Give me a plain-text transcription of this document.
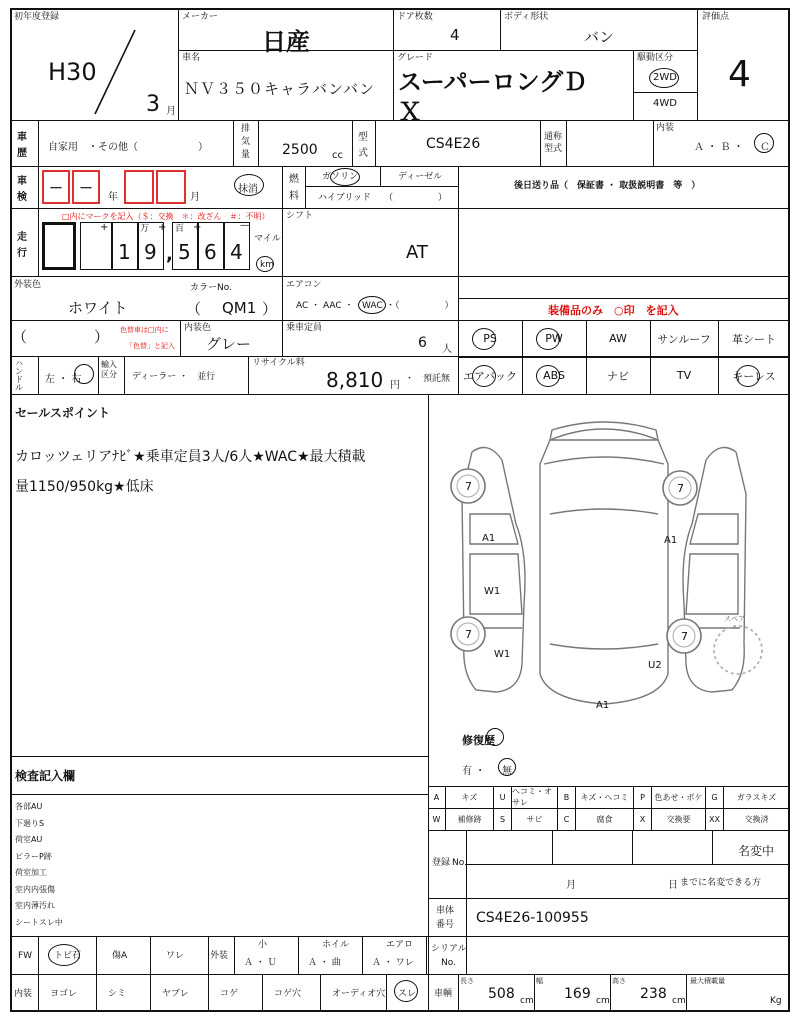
初年度登録
H30
3 月
メーカー
日産
ドア枚数
4
ボディ形状
バン
評価点
4
車名
ＮＶ３５０キャラバンバン
グレード
スーパーロングＤ
Ｘ
駆動区分
2WD
4WD
車
歴
自家用　・その他（　　　　　　）
排
気
量 2500 cc
型
式
CS4E26	通称
型式
内装
Ａ ・ Ｂ ・ Ｃ
車
検
－ －
年	月
抹消
燃
料
ガソリン	ディーゼル
ハイブリッド （　　　　　）
後日送り品（　保証書 ・ 取扱説明書　等　）
□内にマークを記入（＄：交換　＊：改ざん　＃：不明）
走
行
+	万 + 百 +	—
1 9 , 5 6 4
マイル
km
シフト
AT
外装色
ホワイト
カラーNo.
（ QM1 ）
エアコン
AC ・ AAC ・ WAC ・（　　　　　）	装備品のみ　○印　を記入
（	） 色替車は□内に
「色替」と記入
内装色
グレー
乗車定員
6 人
ハンドル
左 ・ 右
輸入区分	ディーラー ・　並行
リサイクル料
8,810 円
・　預託無
セールスポイント
カロッツェリアﾅﾋﾞ★乗車定員3人/6人★WAC★最大積載
量1150/950kg★低床	7	7
7	7
A1	A1
W1
W1
U2
A1
スペア
修復歴
有 ・ 無
検査記入欄
登録 No.
名変中
月	日 までに名変できる方
車体
番号 CS4E26-100955
PS	PW	AW	サンルーフ 革シート
エアバック ABS	ナビ	TV	キーレス
A	キズ	U
ヘコミ・オサレ
B	キズ・ヘコミ	P	色あせ・ボケ	G	ガラスキズ
W	補修跡	S	サビ	C	腐食	X	交換要	XX	交換済
各部AU
下廻りS
荷室AU
ピラーP跡
荷室加工
室内内張傷
室内薄汚れ
シートスレ中
FW トビ石	傷A	ワレ	外装
小
Ａ ・ Ｕ
ホイル
Ａ ・ 曲
エアロ
Ａ ・ ワレ
シリアル
No.
内装 ヨゴレ	シミ	ヤブレ	コゲ	コゲ穴	オーディオ穴 スレ 車輌
長さ
508 cm
幅
169 cm
高さ
238 cm
最大積載量
Kg
